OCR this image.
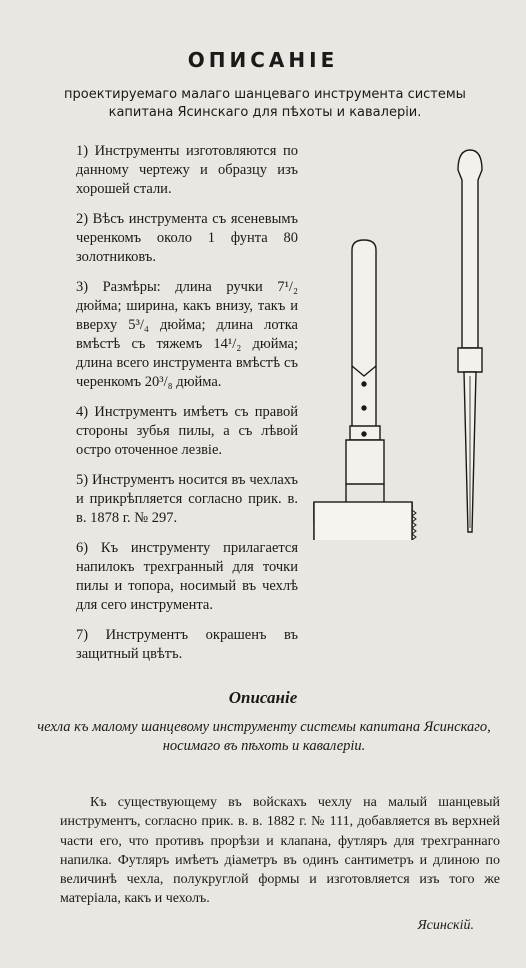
ОПИСАНІЕ
проектируемаго малаго шанцеваго инструмента системы капитана Ясинскаго для пѣхоты и кавалеріи.
1) Инструменты изготовляются по данному чертежу и образцу изъ хорошей стали.
2) Вѣсъ инструмента съ ясеневымъ черенкомъ около 1 фунта 80 золотниковъ.
3) Размѣры: длина ручки 7¹/₂ дюйма; ширина, какъ внизу, такъ и вверху 5³/₄ дюйма; длина лотка вмѣстѣ съ тяжемъ 14¹/₂ дюйма; длина всего инструмента вмѣстѣ съ черенкомъ 20³/₈ дюйма.
4) Инструментъ имѣетъ съ правой стороны зубья пилы, а съ лѣвой остро оточенное лезвіе.
5) Инструментъ носится въ чехлахъ и прикрѣпляется согласно прик. в. в. 1878 г. № 297.
6) Къ инструменту прилагается напилокъ трехгранный для точки пилы и топора, носимый въ чехлѣ для сего инструмента.
7) Инструментъ окрашенъ въ защитный цвѣтъ.
Описаніе
чехла къ малому шанцевому инструменту системы капитана Ясинскаго, носимаго въ пѣхоть и кавалеріи.
Къ существующему въ войскахъ чехлу на малый шанцевый инструментъ, согласно прик. в. в. 1882 г. № 111, добавляется въ верхней части его, что противъ прорѣзи и клапана, футляръ для трехграннаго напилка. Футляръ имѣетъ діаметръ въ одинъ сантиметръ и длиною по величинѣ чехла, полукруглой формы и изготовляется изъ того же матеріала, какъ и чехолъ.
Ясинскій.
